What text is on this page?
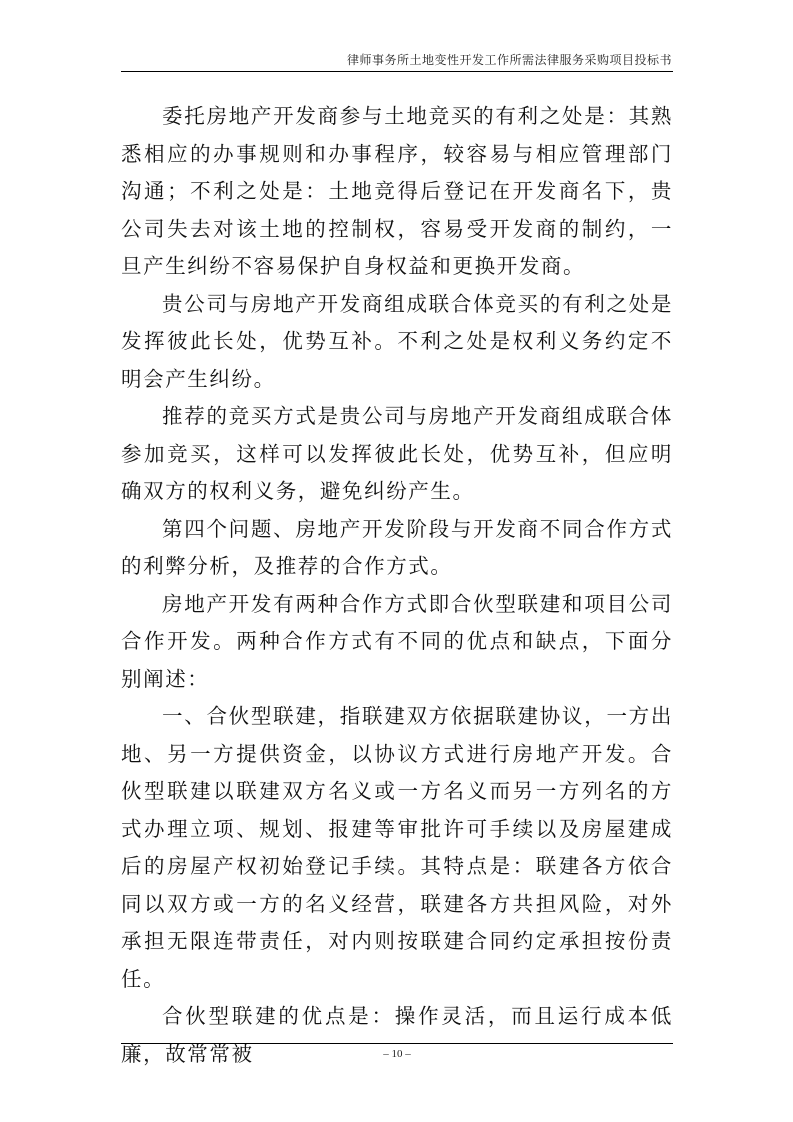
律师事务所土地变性开发工作所需法律服务采购项目投标书

委托房地产开发商参与土地竞买的有利之处是：其熟悉相应的办事规则和办事程序，较容易与相应管理部门沟通；不利之处是：土地竞得后登记在开发商名下，贵公司失去对该土地的控制权，容易受开发商的制约，一旦产生纠纷不容易保护自身权益和更换开发商。

贵公司与房地产开发商组成联合体竞买的有利之处是发挥彼此长处，优势互补。不利之处是权利义务约定不明会产生纠纷。

推荐的竞买方式是贵公司与房地产开发商组成联合体参加竞买，这样可以发挥彼此长处，优势互补，但应明确双方的权利义务，避免纠纷产生。

第四个问题、房地产开发阶段与开发商不同合作方式的利弊分析，及推荐的合作方式。

房地产开发有两种合作方式即合伙型联建和项目公司合作开发。两种合作方式有不同的优点和缺点，下面分别阐述：

一、合伙型联建，指联建双方依据联建协议，一方出地、另一方提供资金，以协议方式进行房地产开发。合伙型联建以联建双方名义或一方名义而另一方列名的方式办理立项、规划、报建等审批许可手续以及房屋建成后的房屋产权初始登记手续。其特点是：联建各方依合同以双方或一方的名义经营，联建各方共担风险，对外承担无限连带责任，对内则按联建合同约定承担按份责任。

合伙型联建的优点是：操作灵活，而且运行成本低廉，故常常被	– 10 –
